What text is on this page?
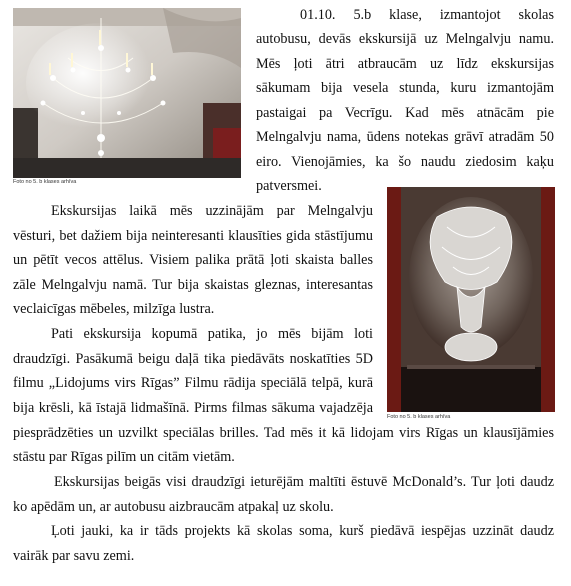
Foto no 5. b klases arhīva
Foto no 5. b klases arhīva
01.10. 5.b klase, izmantojot skolas
autobusu, devās ekskursijā uz Melngalvju namu.
Mēs ļoti ātri atbraucām uz līdz ekskursijas
sākumam bija vesela stunda, kuru izmantojām
pastaigai pa Vecrīgu. Kad mēs atnācām pie
Melngalvju nama, ūdens notekas grāvī atradām 50
eiro. Vienojāmies, ka šo naudu ziedosim kaķu
patversmei.
Ekskursijas laikā mēs uzzinājām par Melngalvju
vēsturi, bet dažiem bija neinteresanti klausīties gida stāstījumu
un pētīt vecos attēlus. Visiem palika prātā ļoti skaista balles
zāle Melngalvju namā. Tur bija skaistas gleznas, interesantas
veclaicīgas mēbeles, milzīga lustra.
Pati ekskursija kopumā patika, jo mēs bijām loti
draudzīgi. Pasākumā beigu daļā tika piedāvāts noskatīties 5D
filmu „Lidojums virs Rīgas” Filmu rādija speciālā telpā, kurā
bija krēsli, kā īstajā lidmašīnā. Pirms filmas sākuma vajadzēja
piesprādzēties un uzvilkt speciālas brilles. Tad mēs it kā lidojam virs Rīgas un klausījāmies
stāstu par Rīgas pilīm un citām vietām.
Ekskursijas beigās visi draudzīgi ieturējām maltīti ēstuvē McDonald’s. Tur ļoti daudz
ko apēdām un, ar autobusu aizbraucām atpakaļ uz skolu.
Ļoti jauki, ka ir tāds projekts kā skolas soma, kurš piedāvā iespējas uzzināt daudz
vairāk par savu zemi.
